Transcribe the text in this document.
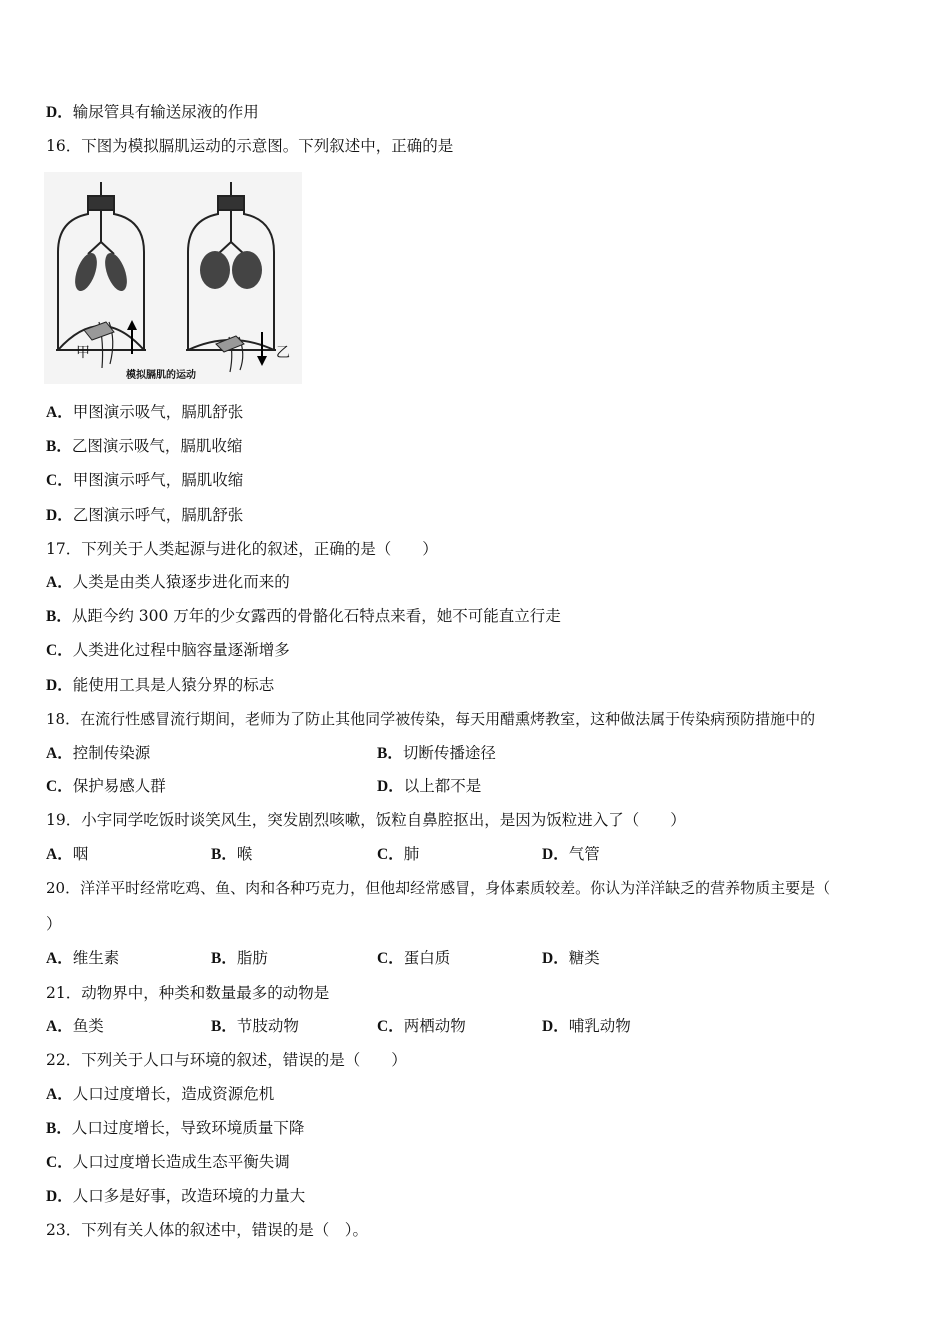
D．输尿管具有输送尿液的作用
16．下图为模拟膈肌运动的示意图。下列叙述中，正确的是
甲	乙
模拟膈肌的运动
A．甲图演示吸气，膈肌舒张
B．乙图演示吸气，膈肌收缩
C．甲图演示呼气，膈肌收缩
D．乙图演示呼气，膈肌舒张
17．下列关于人类起源与进化的叙述，正确的是（　　）
A．人类是由类人猿逐步进化而来的
B．从距今约 300 万年的少女露西的骨骼化石特点来看，她不可能直立行走
C．人类进化过程中脑容量逐渐增多
D．能使用工具是人猿分界的标志
18．在流行性感冒流行期间，老师为了防止其他同学被传染，每天用醋熏烤教室，这种做法属于传染病预防措施中的
A．控制传染源	B．切断传播途径
C．保护易感人群	D．以上都不是
19．小宇同学吃饭时谈笑风生，突发剧烈咳嗽，饭粒自鼻腔抠出，是因为饭粒进入了（　　）
A．咽	B．喉	C．肺	D．气管
20．洋洋平时经常吃鸡、鱼、肉和各种巧克力，但他却经常感冒，身体素质较差。你认为洋洋缺乏的营养物质主要是（
）
A．维生素	B．脂肪	C．蛋白质	D．糖类
21．动物界中，种类和数量最多的动物是
A．鱼类	B．节肢动物	C．两栖动物	D．哺乳动物
22．下列关于人口与环境的叙述，错误的是（　　）
A．人口过度增长，造成资源危机
B．人口过度增长，导致环境质量下降
C．人口过度增长造成生态平衡失调
D．人口多是好事，改造环境的力量大
23．下列有关人体的叙述中，错误的是（　）。
